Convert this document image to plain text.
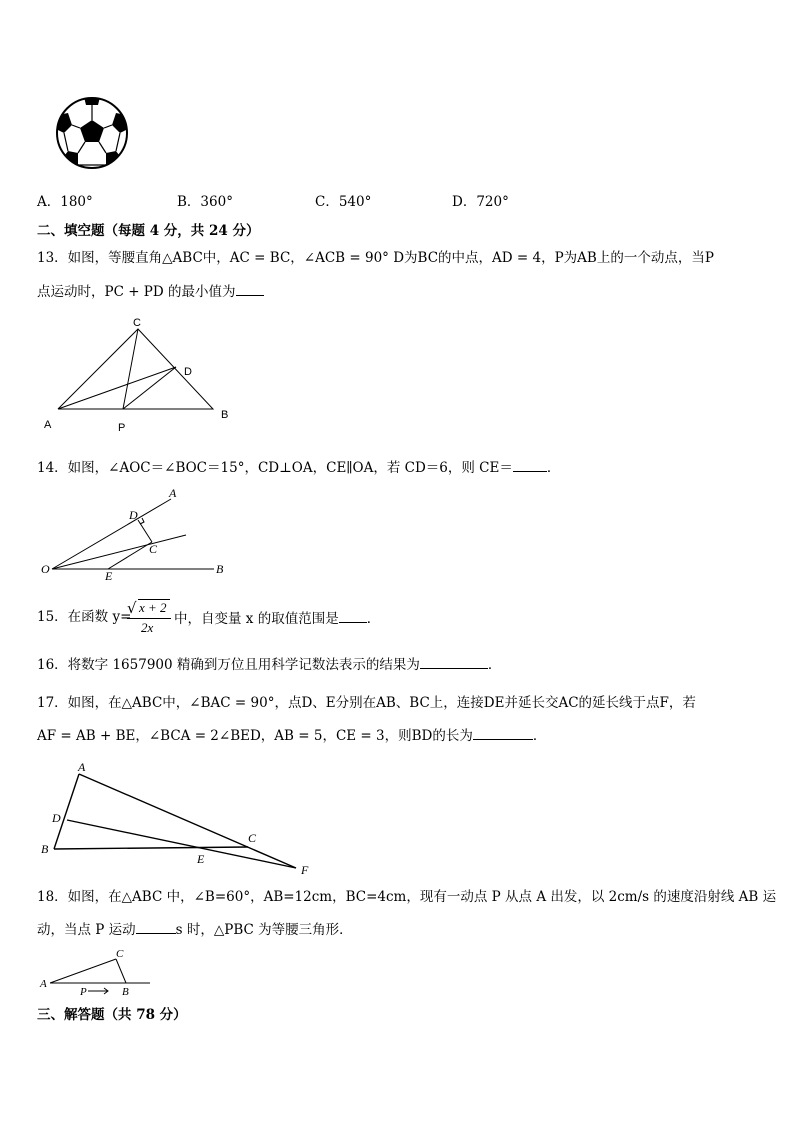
A．180°	B．360°	C．540°	D．720°
二、填空题（每题 4 分，共 24 分）
13．如图，等腰直角△ABC中，AC = BC，∠ACB = 90° D为BC的中点，AD = 4，P为AB上的一个动点，当P
点运动时，PC + PD 的最小值为
C
D
A
B
P
14．如图，∠AOC＝∠BOC＝15°，CD⊥OA，CE∥OA，若 CD＝6，则 CE＝	．
A
D
C
O	E	B
15．在函数 y=
√ x + 2
2x
中，自变量 x 的取值范围是 ．
16．将数字 1657900 精确到万位且用科学记数法表示的结果为	．
17．如图，在△ABC中，∠BAC = 90°，点D、E分别在AB、BC上，连接DE并延长交AC的延长线于点F，若
AF = AB + BE，∠BCA = 2∠BED，AB = 5，CE = 3，则BD的长为	．
A
D
B
E
C
F
18．如图，在△ABC 中，∠B=60°，AB=12cm，BC=4cm，现有一动点 P 从点 A 出发，以 2cm/s 的速度沿射线 AB 运
动，当点 P 运动	s 时，△PBC 为等腰三角形．
C
A
P	B
三、解答题（共 78 分）
